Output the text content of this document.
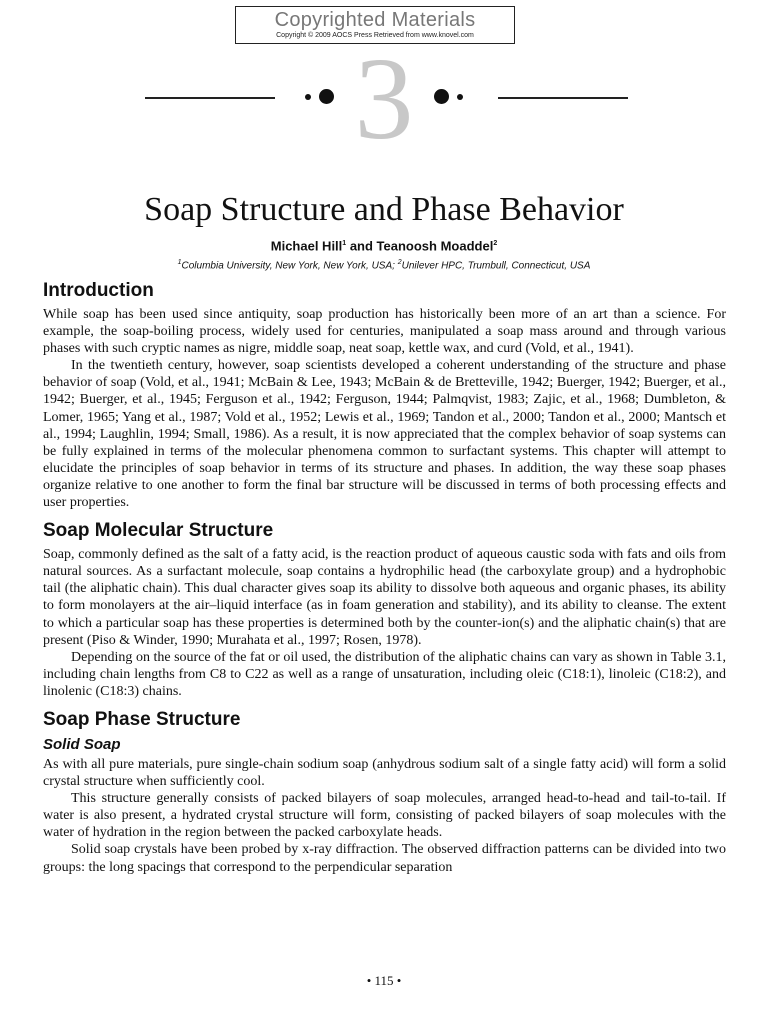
Copyrighted Materials
Copyright © 2009 AOCS Press Retrieved from www.knovel.com
3
Soap Structure and Phase Behavior
Michael Hill$^1$ and Teanoosh Moaddel$^2$
$^1$Columbia University, New York, New York, USA; $^2$Unilever HPC, Trumbull, Connecticut, USA
Introduction

While soap has been used since antiquity, soap production has historically been more of an art than a science. For example, the soap-boiling process, widely used for centuries, manipulated a soap mass around and through various phases with such cryptic names as nigre, middle soap, neat soap, kettle wax, and curd (Vold, et al., 1941).

In the twentieth century, however, soap scientists developed a coherent understanding of the structure and phase behavior of soap (Vold, et al., 1941; McBain & Lee, 1943; McBain & de Bretteville, 1942; Buerger, 1942; Buerger, et al., 1942; Buerger, et al., 1945; Ferguson et al., 1942; Ferguson, 1944; Palmqvist, 1983; Zajic, et al., 1968; Dumbleton, & Lomer, 1965; Yang et al., 1987; Vold et al., 1952; Lewis et al., 1969; Tandon et al., 2000; Tandon et al., 2000; Mantsch et al., 1994; Laughlin, 1994; Small, 1986). As a result, it is now appreciated that the complex behavior of soap systems can be fully explained in terms of the molecular phenomena common to surfactant systems. This chapter will attempt to elucidate the principles of soap behavior in terms of its structure and phases. In addition, the way these soap phases organize relative to one another to form the final bar structure will be discussed in terms of both processing effects and user properties.

Soap Molecular Structure

Soap, commonly defined as the salt of a fatty acid, is the reaction product of aqueous caustic soda with fats and oils from natural sources. As a surfactant molecule, soap contains a hydrophilic head (the carboxylate group) and a hydrophobic tail (the aliphatic chain). This dual character gives soap its ability to dissolve both aqueous and organic phases, its ability to form monolayers at the air–liquid interface (as in foam generation and stability), and its ability to cleanse. The extent to which a particular soap has these properties is determined both by the counter-ion(s) and the aliphatic chain(s) that are present (Piso & Winder, 1990; Murahata et al., 1997; Rosen, 1978).

Depending on the source of the fat or oil used, the distribution of the aliphatic chains can vary as shown in Table 3.1, including chain lengths from C8 to C22 as well as a range of unsaturation, including oleic (C18:1), linoleic (C18:2), and linolenic (C18:3) chains.

Soap Phase Structure
Solid Soap

As with all pure materials, pure single-chain sodium soap (anhydrous sodium salt of a single fatty acid) will form a solid crystal structure when sufficiently cool.

This structure generally consists of packed bilayers of soap molecules, arranged head-to-head and tail-to-tail. If water is also present, a hydrated crystal structure will form, consisting of packed bilayers of soap molecules with the water of hydration in the region between the packed carboxylate heads.

Solid soap crystals have been probed by x-ray diffraction. The observed diffraction patterns can be divided into two groups: the long spacings that correspond to the perpendicular separation

• 115 •
